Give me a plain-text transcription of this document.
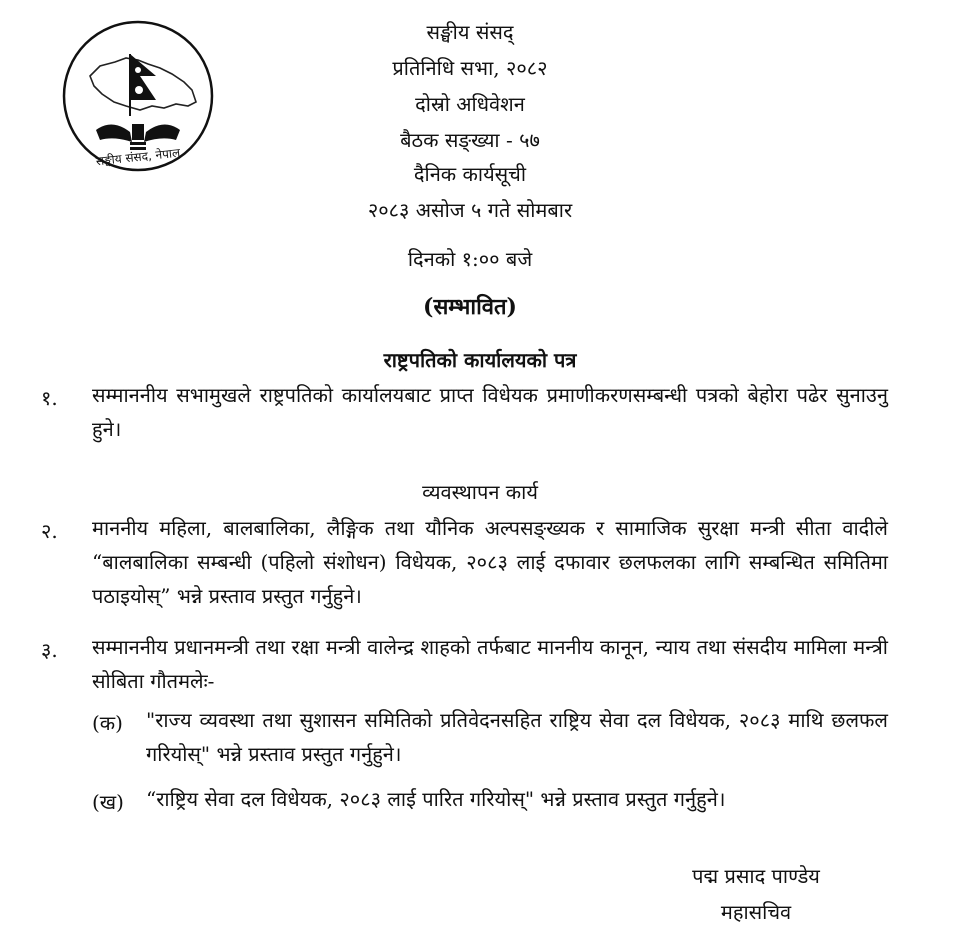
सङ्घीय संसद, नेपाल
सङ्घीय संसद्
प्रतिनिधि सभा, २०८२
दोस्रो अधिवेशन
बैठक सङ्ख्या - ५७
दैनिक कार्यसूची
२०८३ असोज ५ गते सोमबार
दिनको १:०० बजे
(सम्भावित)
राष्ट्रपतिको कार्यालयको पत्र
१. सम्माननीय सभामुखले राष्ट्रपतिको कार्यालयबाट प्राप्त विधेयक प्रमाणीकरणसम्बन्धी पत्रको बेहोरा पढेर सुनाउनु हुने।
व्यवस्थापन कार्य
२. माननीय महिला, बालबालिका, लैङ्गिक तथा यौनिक अल्पसङ्ख्यक र सामाजिक सुरक्षा मन्त्री सीता वादीले “बालबालिका सम्बन्धी (पहिलो संशोधन) विधेयक, २०८३ लाई दफावार छलफलका लागि सम्बन्धित समितिमा पठाइयोस्” भन्ने प्रस्ताव प्रस्तुत गर्नुहुने।
३. सम्माननीय प्रधानमन्त्री तथा रक्षा मन्त्री वालेन्द्र शाहको तर्फबाट माननीय कानून, न्याय तथा संसदीय मामिला मन्त्री सोबिता गौतमलेः-
(क) "राज्य व्यवस्था तथा सुशासन समितिको प्रतिवेदनसहित राष्ट्रिय सेवा दल विधेयक, २०८३ माथि छलफल गरियोस्" भन्ने प्रस्ताव प्रस्तुत गर्नुहुने।
(ख) “राष्ट्रिय सेवा दल विधेयक, २०८३ लाई पारित गरियोस्" भन्ने प्रस्ताव प्रस्तुत गर्नुहुने।
पद्म प्रसाद पाण्डेय
महासचिव
